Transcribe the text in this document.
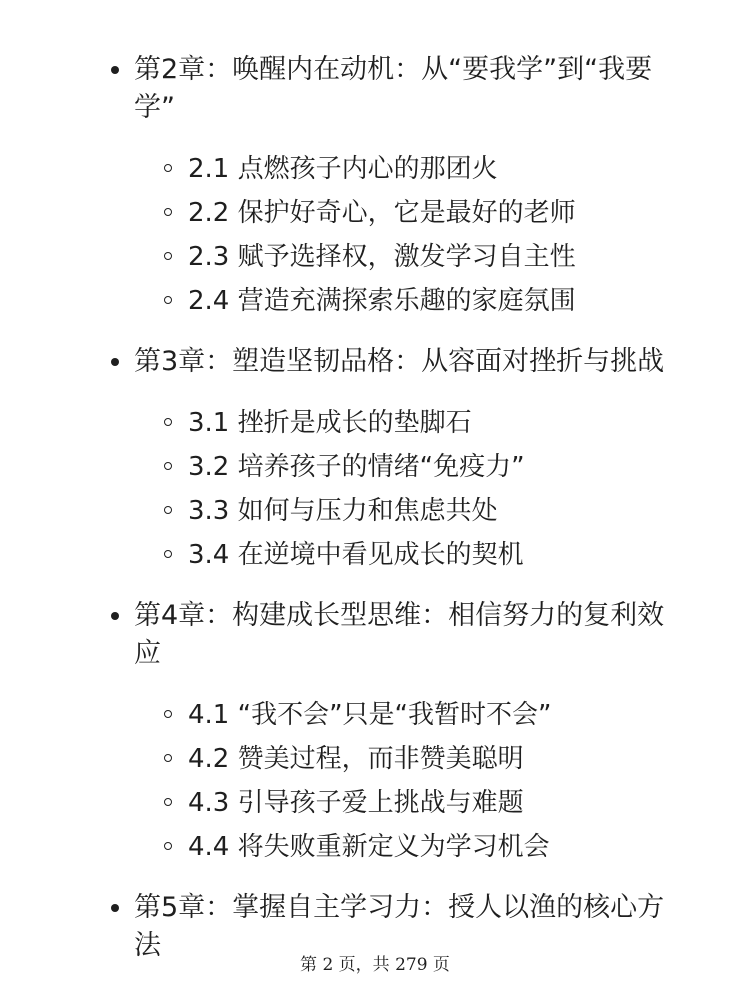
第2章：唤醒内在动机：从“要我学”到“我要学”
2.1 点燃孩子内心的那团火
2.2 保护好奇心，它是最好的老师
2.3 赋予选择权，激发学习自主性
2.4 营造充满探索乐趣的家庭氛围
第3章：塑造坚韧品格：从容面对挫折与挑战
3.1 挫折是成长的垫脚石
3.2 培养孩子的情绪“免疫力”
3.3 如何与压力和焦虑共处
3.4 在逆境中看见成长的契机
第4章：构建成长型思维：相信努力的复利效应
4.1 “我不会”只是“我暂时不会”
4.2 赞美过程，而非赞美聪明
4.3 引导孩子爱上挑战与难题
4.4 将失败重新定义为学习机会
第5章：掌握自主学习力：授人以渔的核心方法
第 2 页，共 279 页
